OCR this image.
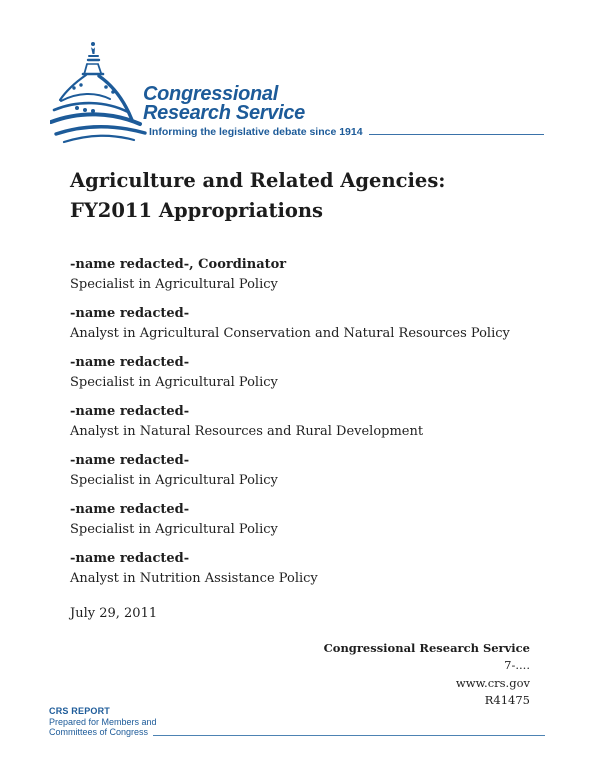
Congressional
Research Service
Informing the legislative debate since 1914
Agriculture and Related Agencies:
FY2011 Appropriations
-name redacted-, Coordinator
Specialist in Agricultural Policy
-name redacted-
Analyst in Agricultural Conservation and Natural Resources Policy
-name redacted-
Specialist in Agricultural Policy
-name redacted-
Analyst in Natural Resources and Rural Development
-name redacted-
Specialist in Agricultural Policy
-name redacted-
Specialist in Agricultural Policy
-name redacted-
Analyst in Nutrition Assistance Policy
July 29, 2011
Congressional Research Service
7-....
www.crs.gov
R41475
CRS REPORT
Prepared for Members and
Committees of Congress
